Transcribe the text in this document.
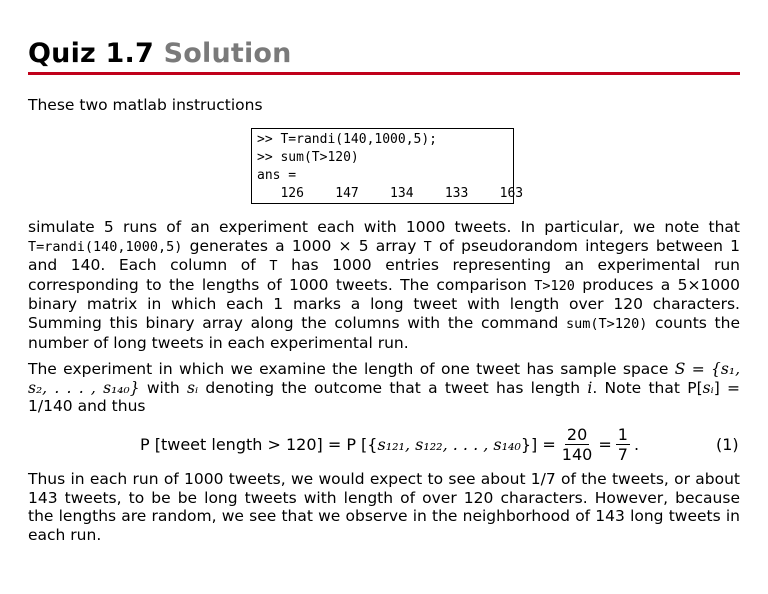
Quiz 1.7 Solution
These two matlab instructions
>> T=randi(140,1000,5);
>> sum(T>120)
ans =
126    147    134    133    163
simulate 5 runs of an experiment each with 1000 tweets. In particular, we note that T=randi(140,1000,5) generates a 1000 × 5 array T of pseudorandom integers between 1 and 140. Each column of T has 1000 entries representing an experimental run corresponding to the lengths of 1000 tweets. The comparison T>120 produces a 5×1000 binary matrix in which each 1 marks a long tweet with length over 120 characters. Summing this binary array along the columns with the command sum(T>120) counts the number of long tweets in each experimental run.
The experiment in which we examine the length of one tweet has sample space S = {s₁, s₂, . . . , s₁₄₀} with sᵢ denoting the outcome that a tweet has length i. Note that P[sᵢ] = 1/140 and thus
P [tweet length > 120] = P [{ s₁₂₁, s₁₂₂, . . . , s₁₄₀ }] = $\frac{20}{140} = \frac{1}{7}$ .	(1)
Thus in each run of 1000 tweets, we would expect to see about 1/7 of the tweets, or about 143 tweets, to be be long tweets with length of over 120 characters. However, because the lengths are random, we see that we observe in the neighborhood of 143 long tweets in each run.
